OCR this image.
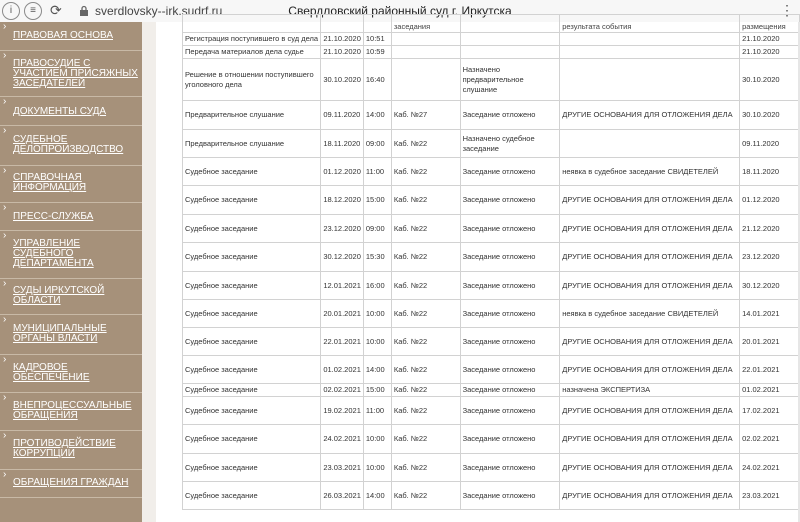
i	≡	⟳	sverdlovsky--irk.sudrf.ru	Свердловский районный суд г. Иркутска	⋮
› ПРАВОВАЯ ОСНОВА
› ПРАВОСУДИЕ С УЧАСТИЕМ ПРИСЯЖНЫХ ЗАСЕДАТЕЛЕЙ
› ДОКУМЕНТЫ СУДА
› СУДЕБНОЕ ДЕЛОПРОИЗВОДСТВО
› СПРАВОЧНАЯ ИНФОРМАЦИЯ
› ПРЕСС-СЛУЖБА
› УПРАВЛЕНИЕ СУДЕБНОГО ДЕПАРТАМЕНТА
› СУДЫ ИРКУТСКОЙ ОБЛАСТИ
› МУНИЦИПАЛЬНЫЕ ОРГАНЫ ВЛАСТИ
› КАДРОВОЕ ОБЕСПЕЧЕНИЕ
› ВНЕПРОЦЕССУАЛЬНЫЕ ОБРАЩЕНИЯ
› ПРОТИВОДЕЙСТВИЕ КОРРУПЦИИ
› ОБРАЩЕНИЯ ГРАЖДАН
			заседания		результата события	размещения
Регистрация поступившего в суд дела	21.10.2020	10:51				21.10.2020
Передача материалов дела судье	21.10.2020	10:59				21.10.2020
Решение в отношении поступившего уголовного дела	30.10.2020	16:40		Назначено предварительное слушание		30.10.2020
Предварительное слушание	09.11.2020	14:00	Каб. №27	Заседание отложено	ДРУГИЕ ОСНОВАНИЯ ДЛЯ ОТЛОЖЕНИЯ ДЕЛА	30.10.2020
Предварительное слушание	18.11.2020	09:00	Каб. №22	Назначено судебное заседание		09.11.2020
Судебное заседание	01.12.2020	11:00	Каб. №22	Заседание отложено	неявка в судебное заседание СВИДЕТЕЛЕЙ	18.11.2020
Судебное заседание	18.12.2020	15:00	Каб. №22	Заседание отложено	ДРУГИЕ ОСНОВАНИЯ ДЛЯ ОТЛОЖЕНИЯ ДЕЛА	01.12.2020
Судебное заседание	23.12.2020	09:00	Каб. №22	Заседание отложено	ДРУГИЕ ОСНОВАНИЯ ДЛЯ ОТЛОЖЕНИЯ ДЕЛА	21.12.2020
Судебное заседание	30.12.2020	15:30	Каб. №22	Заседание отложено	ДРУГИЕ ОСНОВАНИЯ ДЛЯ ОТЛОЖЕНИЯ ДЕЛА	23.12.2020
Судебное заседание	12.01.2021	16:00	Каб. №22	Заседание отложено	ДРУГИЕ ОСНОВАНИЯ ДЛЯ ОТЛОЖЕНИЯ ДЕЛА	30.12.2020
Судебное заседание	20.01.2021	10:00	Каб. №22	Заседание отложено	неявка в судебное заседание СВИДЕТЕЛЕЙ	14.01.2021
Судебное заседание	22.01.2021	10:00	Каб. №22	Заседание отложено	ДРУГИЕ ОСНОВАНИЯ ДЛЯ ОТЛОЖЕНИЯ ДЕЛА	20.01.2021
Судебное заседание	01.02.2021	14:00	Каб. №22	Заседание отложено	ДРУГИЕ ОСНОВАНИЯ ДЛЯ ОТЛОЖЕНИЯ ДЕЛА	22.01.2021
Судебное заседание	02.02.2021	15:00	Каб. №22	Заседание отложено	назначена ЭКСПЕРТИЗА	01.02.2021
Судебное заседание	19.02.2021	11:00	Каб. №22	Заседание отложено	ДРУГИЕ ОСНОВАНИЯ ДЛЯ ОТЛОЖЕНИЯ ДЕЛА	17.02.2021
Судебное заседание	24.02.2021	10:00	Каб. №22	Заседание отложено	ДРУГИЕ ОСНОВАНИЯ ДЛЯ ОТЛОЖЕНИЯ ДЕЛА	02.02.2021
Судебное заседание	23.03.2021	10:00	Каб. №22	Заседание отложено	ДРУГИЕ ОСНОВАНИЯ ДЛЯ ОТЛОЖЕНИЯ ДЕЛА	24.02.2021
Судебное заседание	26.03.2021	14:00	Каб. №22	Заседание отложено	ДРУГИЕ ОСНОВАНИЯ ДЛЯ ОТЛОЖЕНИЯ ДЕЛА	23.03.2021
